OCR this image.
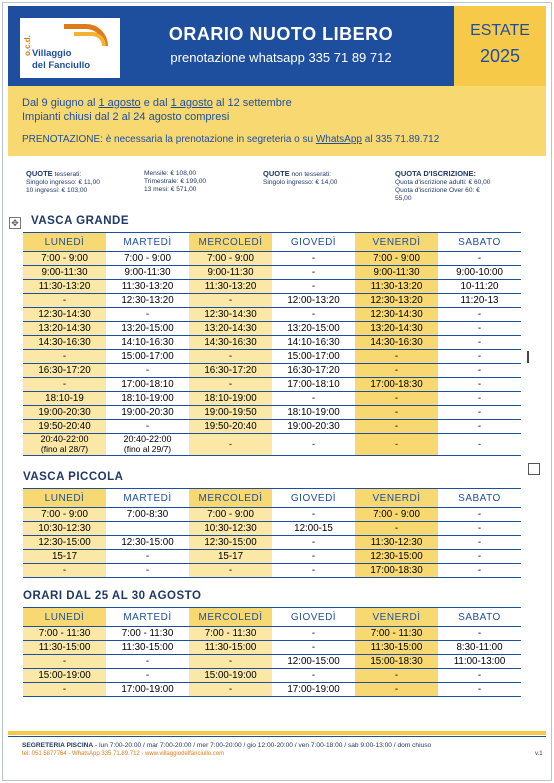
o.c.d. Villaggio
del Fanciullo
ORARIO NUOTO LIBERO
prenotazione whatsapp 335 71 89 712
ESTATE
2025
Dal 9 giugno al 1 agosto e dal 1 agosto al 12 settembre
Impianti chiusi dal 2 al 24 agosto compresi
PRENOTAZIONE: è necessaria la prenotazione in segreteria o su WhatsApp al 335 71.89.712
QUOTE tesserati:
Singolo ingresso: € 11,00
10 ingressi: € 103,00
Mensile: € 108,00
Trimestrale: € 199,00
13 mesi: € 571,00
QUOTE non tesserati:
Singolo ingresso: € 14,00
QUOTA D'ISCRIZIONE:
Quota d'iscrizione adulti: € 60,00
Quota d'iscrizione Over 60: €
55,00
✥ VASCA GRANDE
LUNEDÌ	MARTEDÌ	MERCOLEDÌ	GIOVEDÌ	VENERDÌ	SABATO
7:00 - 9:00	7:00 - 9:00	7:00 - 9:00	-	7:00 - 9:00	-
9:00-11:30	9:00-11:30	9:00-11:30	-	9:00-11:30	9:00-10:00
11:30-13:20	11:30-13:20	11:30-13:20	-	11:30-13:20	10-11:20
-	12:30-13:20	-	12:00-13:20	12:30-13:20	11:20-13
12:30-14:30	-	12:30-14:30	-	12:30-14:30	-
13:20-14:30	13:20-15:00	13:20-14:30	13:20-15:00	13:20-14:30	-
14:30-16:30	14:10-16:30	14:30-16:30	14:10-16:30	14:30-16:30	-
-	15:00-17:00	-	15:00-17:00	-	-
16:30-17:20	-	16:30-17:20	16:30-17:20	-	-
-	17:00-18:10	-	17:00-18:10	17:00-18:30	-
18:10-19	18:10-19:00	18:10-19:00	-	-	-
19:00-20:30	19:00-20:30	19:00-19:50	18:10-19:00	-	-
19:50-20:40	-	19:50-20:40	19:00-20:30	-	-
20:40-22:00
(fino al 28/7)	20:40-22:00
(fino al 29/7)	-	-	-	-
VASCA PICCOLA
LUNEDÌ	MARTEDÌ	MERCOLEDÌ	GIOVEDÌ	VENERDÌ	SABATO
7:00 - 9:00	7:00-8:30	7:00 - 9:00	-	7:00 - 9:00	-
10:30-12:30		10:30-12:30	12:00-15	-	-
12:30-15:00	12:30-15:00	12:30-15:00	-	11:30-12:30	-
15-17	-	15-17	-	12:30-15:00	-
-	-	-	-	17:00-18:30	-
ORARI DAL 25 AL 30 AGOSTO
LUNEDÌ	MARTEDÌ	MERCOLEDÌ	GIOVEDÌ	VENERDÌ	SABATO
7:00 - 11:30	7:00 - 11:30	7:00 - 11:30	-	7:00 - 11:30	-
11:30-15:00	11:30-15:00	11:30-15:00	-	11:30-15:00	8:30-11:00
-	-	-	12:00-15:00	15:00-18:30	11:00-13:00
15:00-19:00	-	15:00-19:00	-	-	-
-	17:00-19:00	-	17:00-19:00	-	-
SEGRETERIA PISCINA - lun 7:00-20:00 / mar 7:00-20:00 / mer 7:00-20:00 / gio 12:00-20:00 / ven 7:00-18:00 / sab 9:00-13:00 / dom chiuso
tel: 051 5877764 - WhatsApp 335 71.89.712 - www.villaggiodelfanciullo.com	v.1
